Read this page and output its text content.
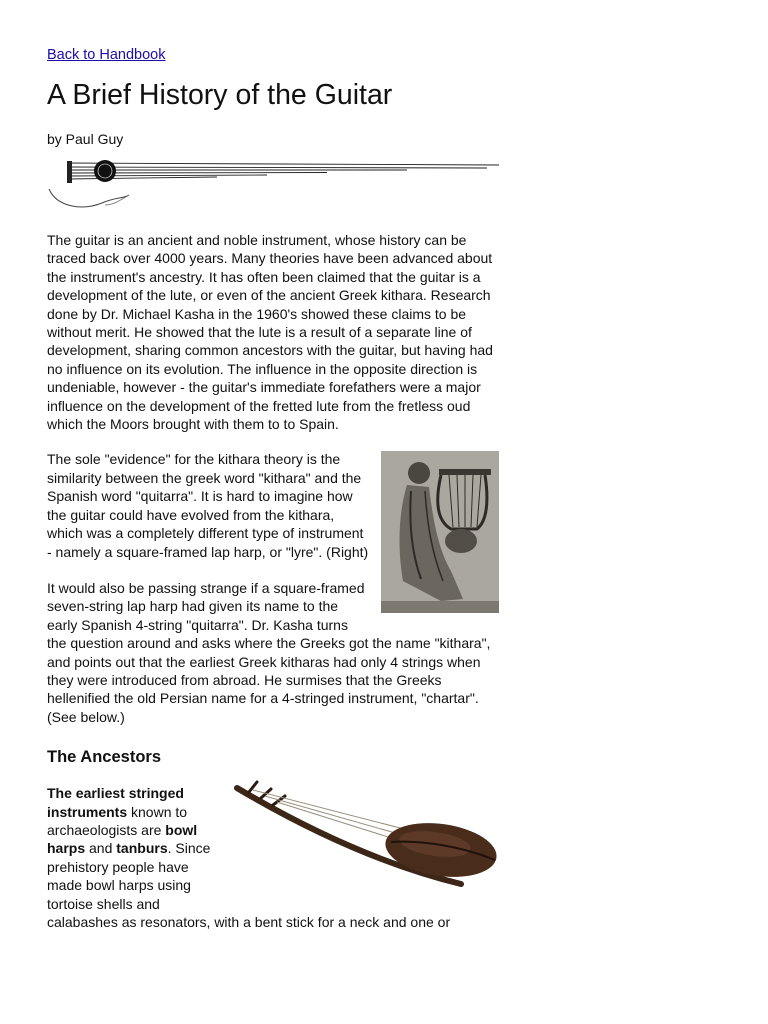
Back to Handbook
A Brief History of the Guitar
by Paul Guy

The guitar is an ancient and noble instrument, whose history can be traced back over 4000 years. Many theories have been advanced about the instrument's ancestry. It has often been claimed that the guitar is a development of the lute, or even of the ancient Greek kithara. Research done by Dr. Michael Kasha in the 1960's showed these claims to be without merit. He showed that the lute is a result of a separate line of development, sharing common ancestors with the guitar, but having had no influence on its evolution. The influence in the opposite direction is undeniable, however - the guitar's immediate forefathers were a major influence on the development of the fretted lute from the fretless oud which the Moors brought with them to to Spain.

The sole "evidence" for the kithara theory is the similarity between the greek word "kithara" and the Spanish word "quitarra". It is hard to imagine how the guitar could have evolved from the kithara, which was a completely different type of instrument - namely a square-framed lap harp, or "lyre". (Right)

It would also be passing strange if a square-framed seven-string lap harp had given its name to the early Spanish 4-string "quitarra". Dr. Kasha turns the question around and asks where the Greeks got the name "kithara", and points out that the earliest Greek kitharas had only 4 strings when they were introduced from abroad. He surmises that the Greeks hellenified the old Persian name for a 4-stringed instrument, "chartar". (See below.)

The Ancestors

The earliest stringed instruments known to archaeologists are bowl harps and tanburs. Since prehistory people have made bowl harps using tortoise shells and calabashes as resonators, with a bent stick for a neck and one or
